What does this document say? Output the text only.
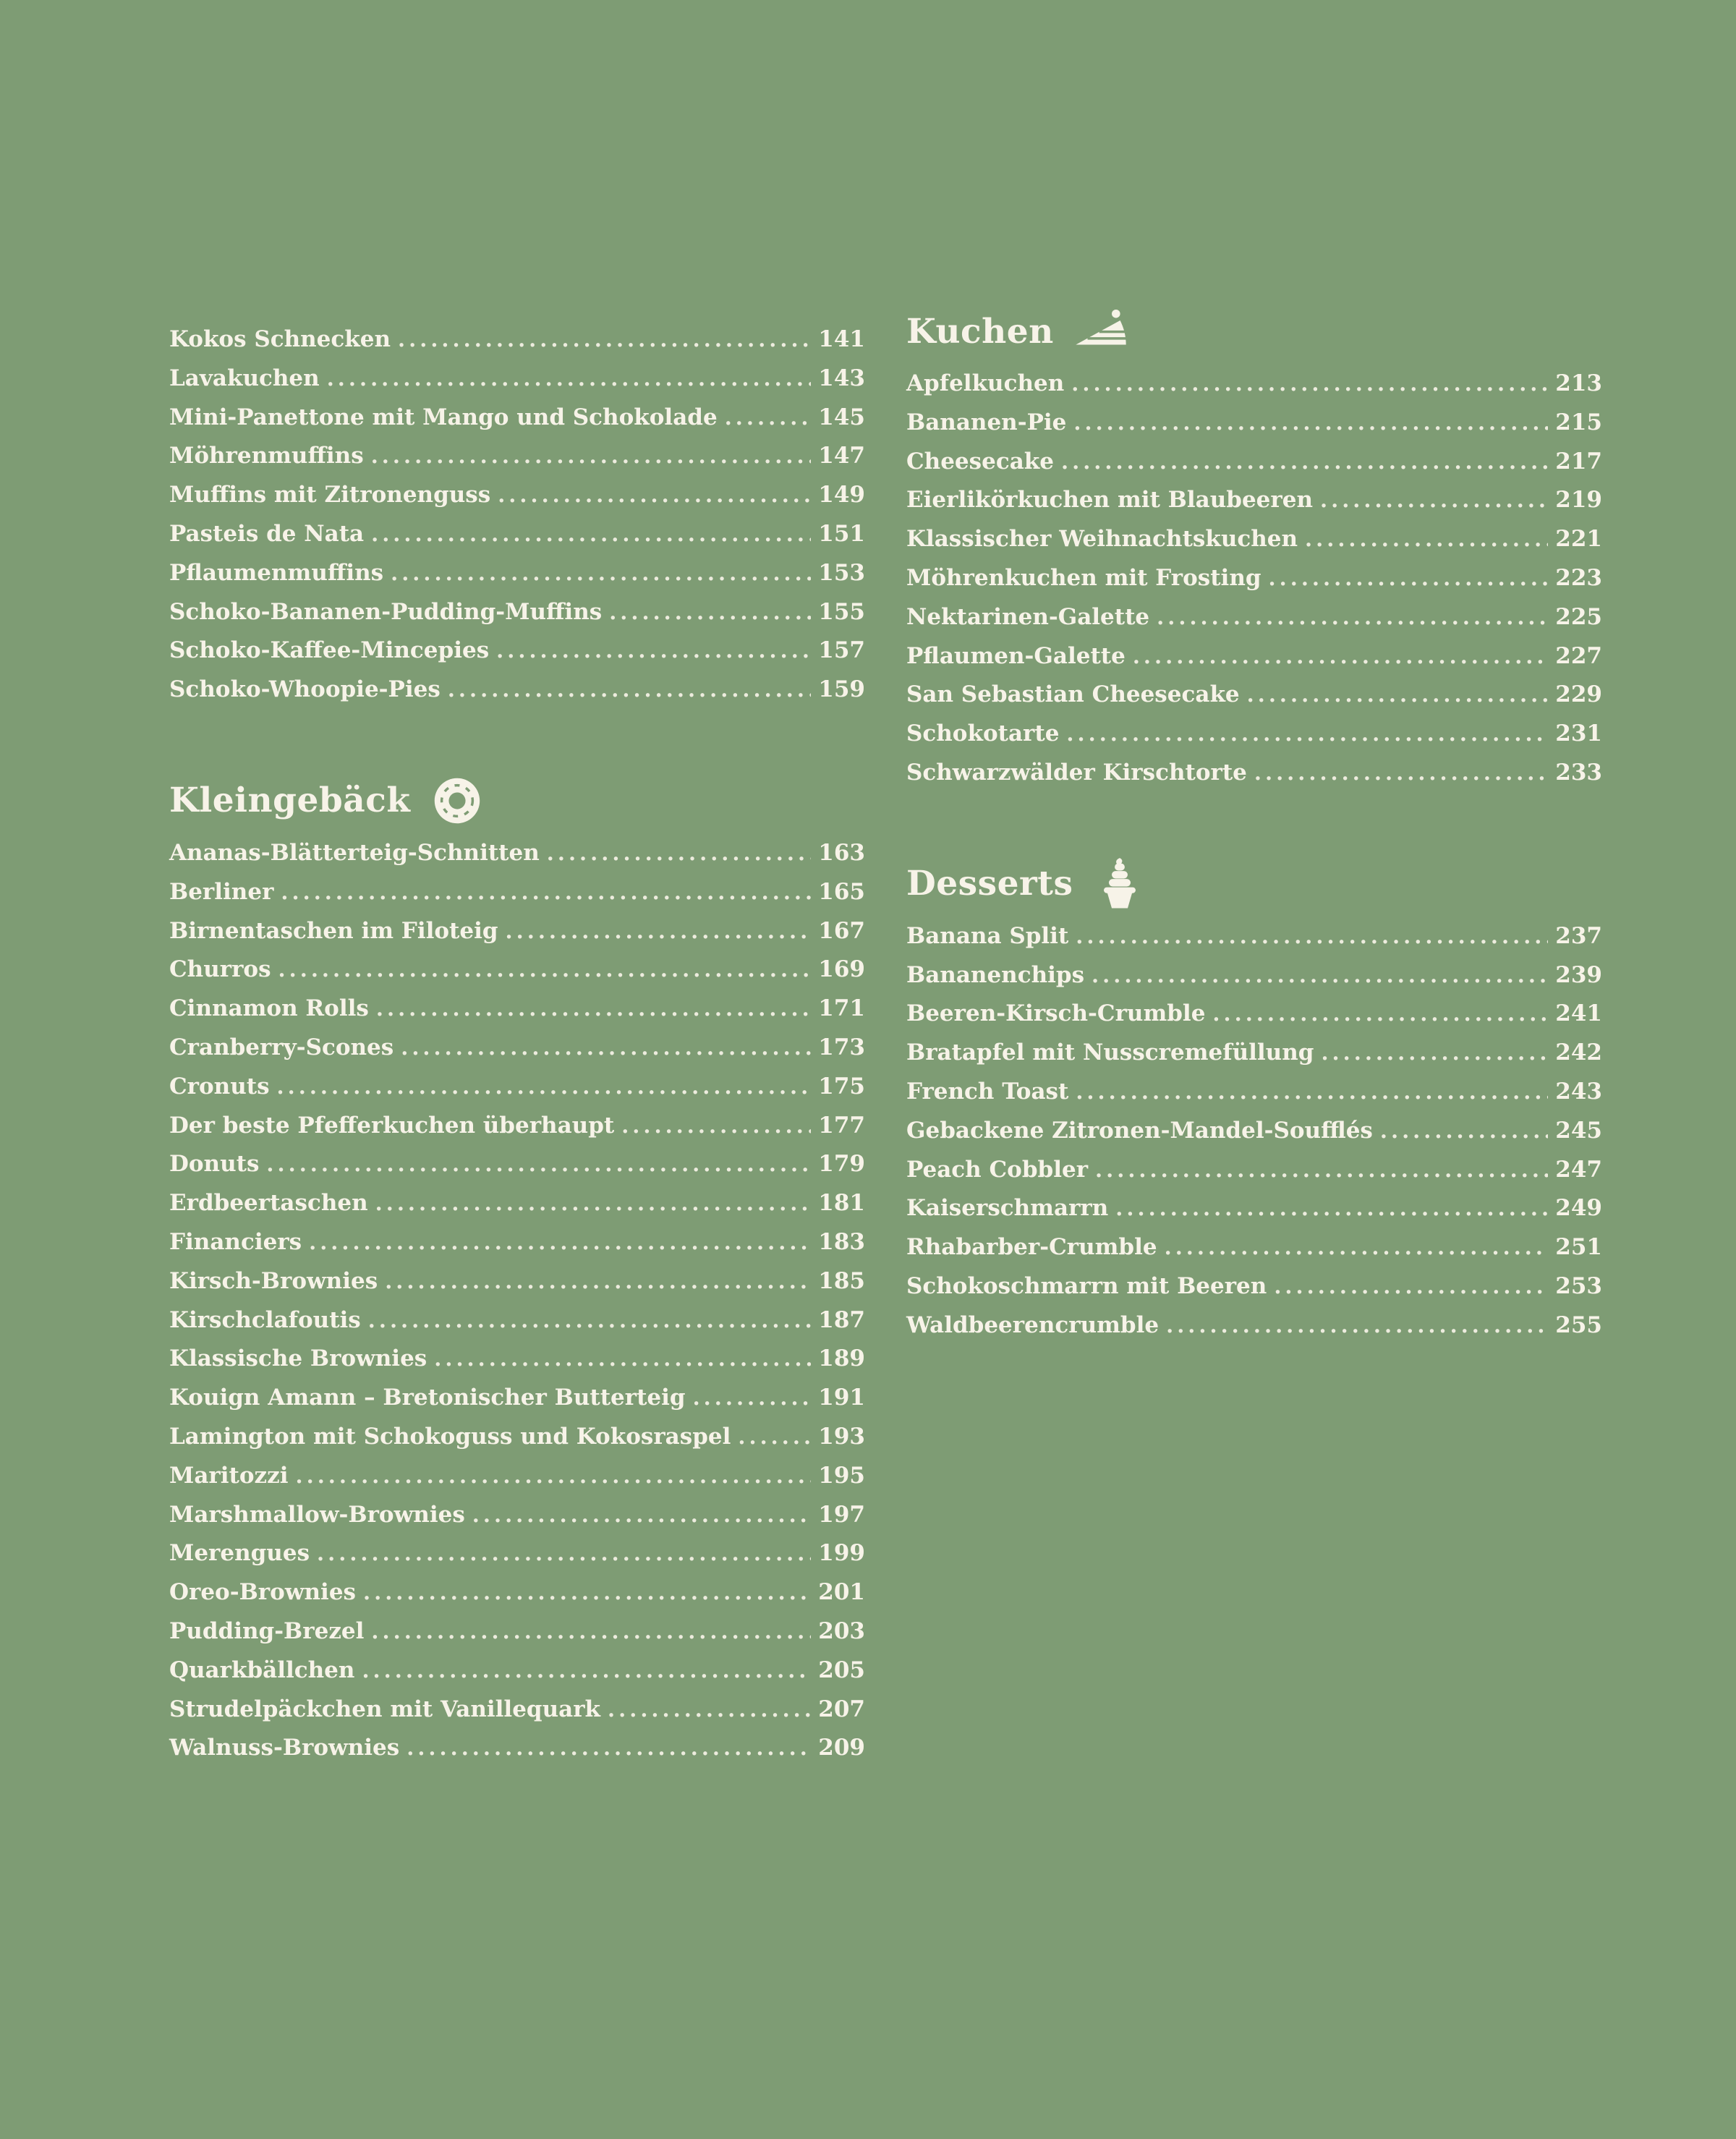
Kokos Schnecken .....	141
Lavakuchen .....	143
Mini-Panettone mit Mango und Schokolade .....	145
Möhrenmuffins .....	147
Muffins mit Zitronenguss .....	149
Pasteis de Nata .....	151
Pflaumenmuffins .....	153
Schoko-Bananen-Pudding-Muffins .....	155
Schoko-Kaffee-Mincepies .....	157
Schoko-Whoopie-Pies .....	159
Kleingebäck
Ananas-Blätterteig-Schnitten .....	163
Berliner .....	165
Birnentaschen im Filoteig .....	167
Churros .....	169
Cinnamon Rolls .....	171
Cranberry-Scones .....	173
Cronuts .....	175
Der beste Pfefferkuchen überhaupt .....	177
Donuts .....	179
Erdbeertaschen .....	181
Financiers .....	183
Kirsch-Brownies .....	185
Kirschclafoutis .....	187
Klassische Brownies .....	189
Kouign Amann – Bretonischer Butterteig .....	191
Lamington mit Schokoguss und Kokosraspel .....	193
Maritozzi .....	195
Marshmallow-Brownies .....	197
Merengues .....	199
Oreo-Brownies .....	201
Pudding-Brezel .....	203
Quarkbällchen .....	205
Strudelpäckchen mit Vanillequark .....	207
Walnuss-Brownies .....	209
Kuchen
Apfelkuchen .....	213
Bananen-Pie .....	215
Cheesecake .....	217
Eierlikörkuchen mit Blaubeeren .....	219
Klassischer Weihnachtskuchen .....	221
Möhrenkuchen mit Frosting .....	223
Nektarinen-Galette .....	225
Pflaumen-Galette .....	227
San Sebastian Cheesecake .....	229
Schokotarte .....	231
Schwarzwälder Kirschtorte .....	233
Desserts
Banana Split .....	237
Bananenchips .....	239
Beeren-Kirsch-Crumble .....	241
Bratapfel mit Nusscremefüllung .....	242
French Toast .....	243
Gebackene Zitronen-Mandel-Soufflés .....	245
Peach Cobbler .....	247
Kaiserschmarrn .....	249
Rhabarber-Crumble .....	251
Schokoschmarrn mit Beeren .....	253
Waldbeerencrumble .....	255
